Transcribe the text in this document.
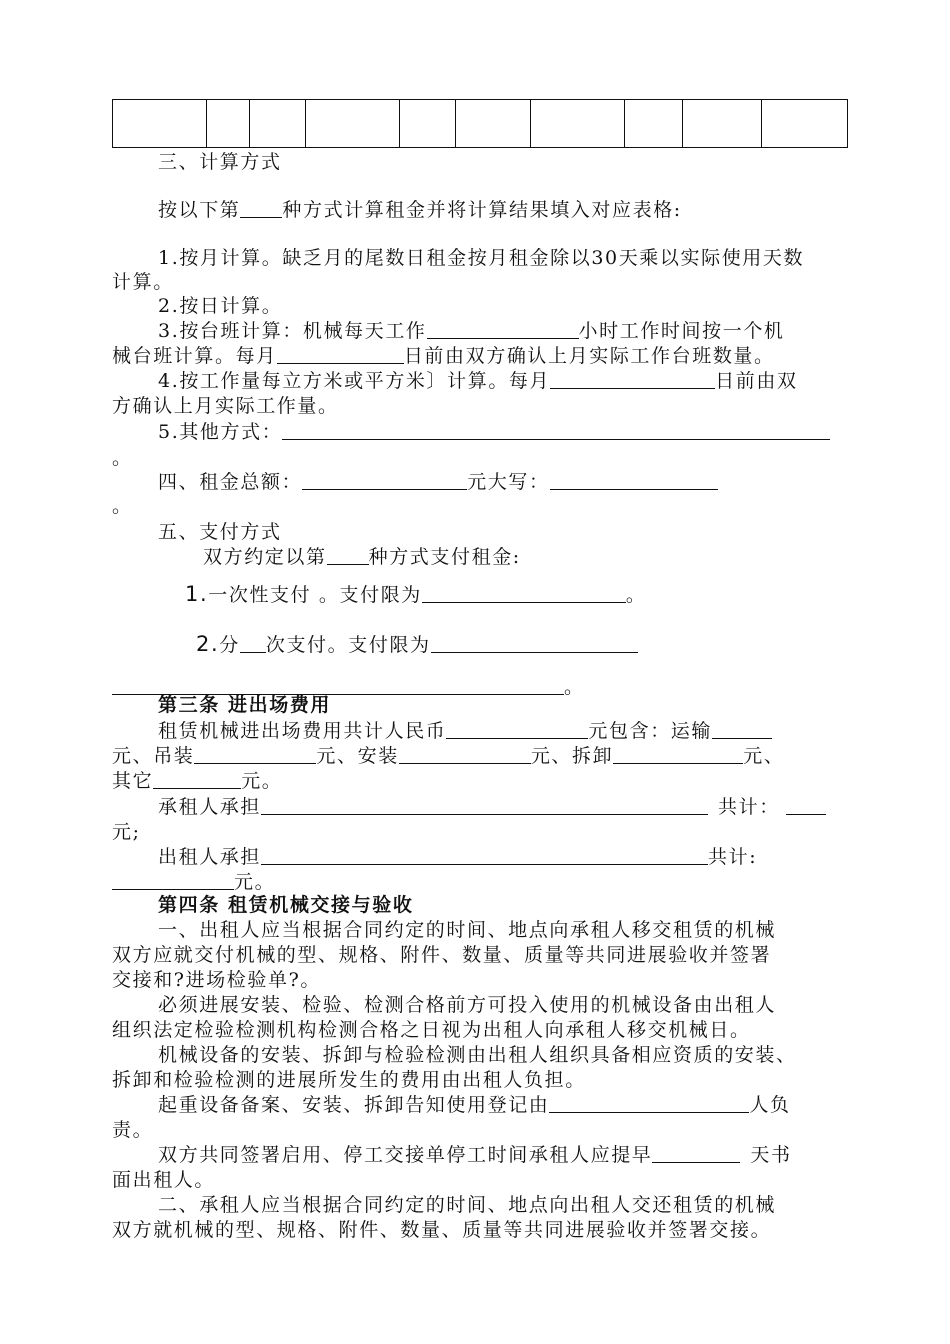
三、计算方式
按以下第 种方式计算租金并将计算结果填入对应表格:
1.按月计算。缺乏月的尾数日租金按月租金除以30天乘以实际使用天数
计算。
2.按日计算。
3.按台班计算：机械每天工作	小时工作时间按一个机
械台班计算。每月	日前由双方确认上月实际工作台班数量。
4.按工作量每立方米或平方米〕计算。每月	日前由双
方确认上月实际工作量。
5.其他方式：
。
四、租金总额：	元大写：
。
五、支付方式
双方约定以第 种方式支付租金:
1.一次性支付 。支付限为	。
2.分 次支付。支付限为
。
第三条 进出场费用
租赁机械进出场费用共计人民币	元包含：运输
元、吊装	元、安装	元、拆卸	元、
其它	元。
承租人承担	共计：
元;
出租人承担	共计:
元。
第四条 租赁机械交接与验收
一、出租人应当根据合同约定的时间、地点向承租人移交租赁的机械
双方应就交付机械的型、规格、附件、数量、质量等共同进展验收并签署
交接和?进场检验单?。
必须进展安装、检验、检测合格前方可投入使用的机械设备由出租人
组织法定检验检测机构检测合格之日视为出租人向承租人移交机械日。
机械设备的安装、拆卸与检验检测由出租人组织具备相应资质的安装、
拆卸和检验检测的进展所发生的费用由出租人负担。
起重设备备案、安装、拆卸告知使用登记由	人负
责。
双方共同签署启用、停工交接单停工时间承租人应提早	天书
面出租人。
二、承租人应当根据合同约定的时间、地点向出租人交还租赁的机械
双方就机械的型、规格、附件、数量、质量等共同进展验收并签署交接。
